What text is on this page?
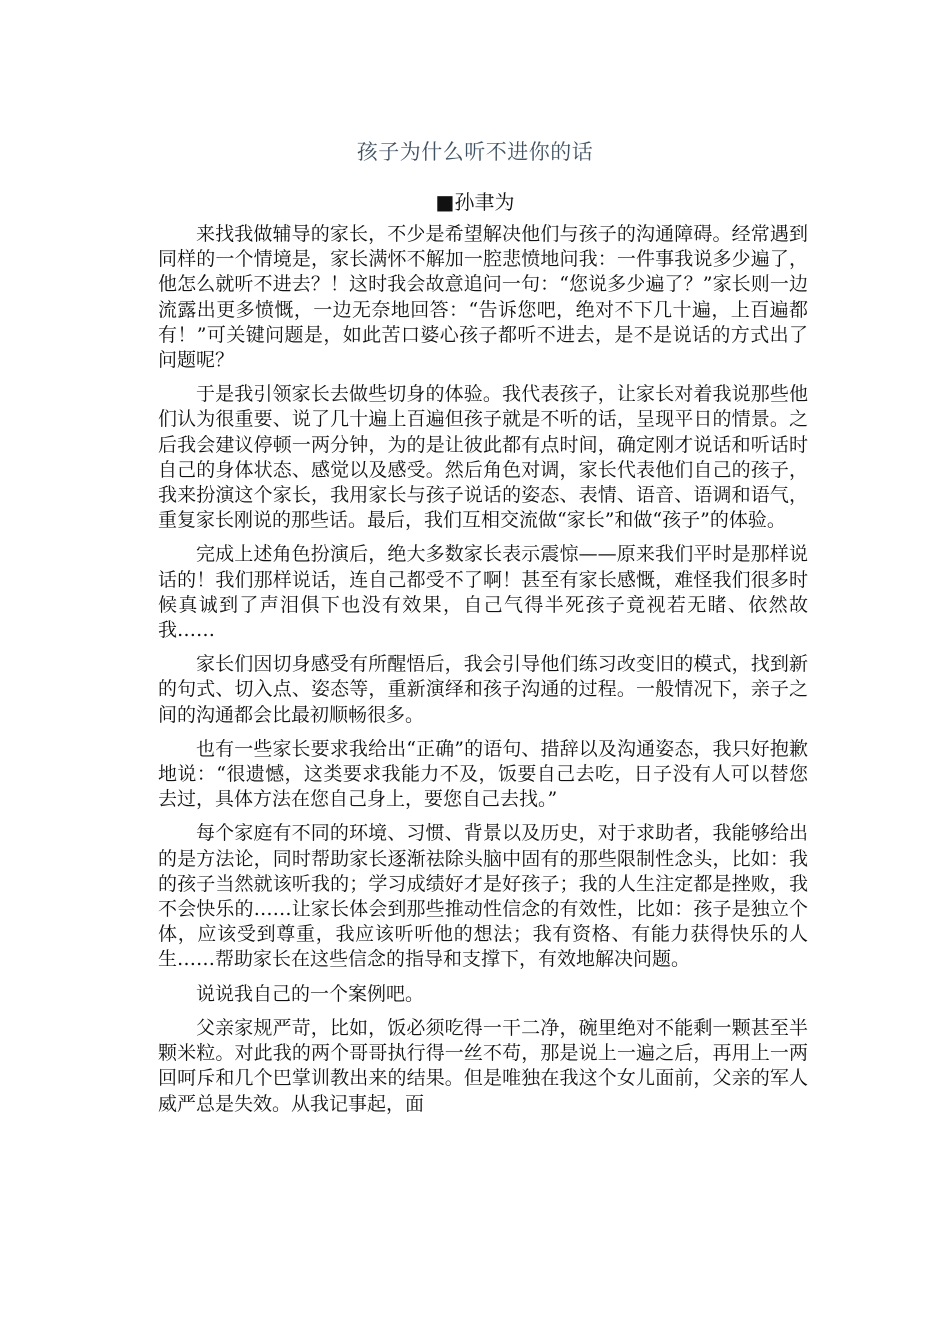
孩子为什么听不进你的话
■孙聿为

来找我做辅导的家长，不少是希望解决他们与孩子的沟通障碍。经常遇到同样的一个情境是，家长满怀不解加一腔悲愤地问我：一件事我说多少遍了，他怎么就听不进去？！这时我会故意追问一句：“您说多少遍了？”家长则一边流露出更多愤慨，一边无奈地回答：“告诉您吧，绝对不下几十遍，上百遍都有！”可关键问题是，如此苦口婆心孩子都听不进去，是不是说话的方式出了问题呢？

于是我引领家长去做些切身的体验。我代表孩子，让家长对着我说那些他们认为很重要、说了几十遍上百遍但孩子就是不听的话，呈现平日的情景。之后我会建议停顿一两分钟，为的是让彼此都有点时间，确定刚才说话和听话时自己的身体状态、感觉以及感受。然后角色对调，家长代表他们自己的孩子，我来扮演这个家长，我用家长与孩子说话的姿态、表情、语音、语调和语气，重复家长刚说的那些话。最后，我们互相交流做“家长”和做“孩子”的体验。

完成上述角色扮演后，绝大多数家长表示震惊——原来我们平时是那样说话的！我们那样说话，连自己都受不了啊！甚至有家长感慨，难怪我们很多时候真诚到了声泪俱下也没有效果，自己气得半死孩子竟视若无睹、依然故我……

家长们因切身感受有所醒悟后，我会引导他们练习改变旧的模式，找到新的句式、切入点、姿态等，重新演绎和孩子沟通的过程。一般情况下，亲子之间的沟通都会比最初顺畅很多。

也有一些家长要求我给出“正确”的语句、措辞以及沟通姿态，我只好抱歉地说：“很遗憾，这类要求我能力不及，饭要自己去吃，日子没有人可以替您去过，具体方法在您自己身上，要您自己去找。”

每个家庭有不同的环境、习惯、背景以及历史，对于求助者，我能够给出的是方法论，同时帮助家长逐渐祛除头脑中固有的那些限制性念头，比如：我的孩子当然就该听我的；学习成绩好才是好孩子；我的人生注定都是挫败，我不会快乐的……让家长体会到那些推动性信念的有效性，比如：孩子是独立个体，应该受到尊重，我应该听听他的想法；我有资格、有能力获得快乐的人生……帮助家长在这些信念的指导和支撑下，有效地解决问题。

说说我自己的一个案例吧。

父亲家规严苛，比如，饭必须吃得一干二净，碗里绝对不能剩一颗甚至半颗米粒。对此我的两个哥哥执行得一丝不苟，那是说上一遍之后，再用上一两回呵斥和几个巴掌训教出来的结果。但是唯独在我这个女儿面前，父亲的军人威严总是失效。从我记事起，面
